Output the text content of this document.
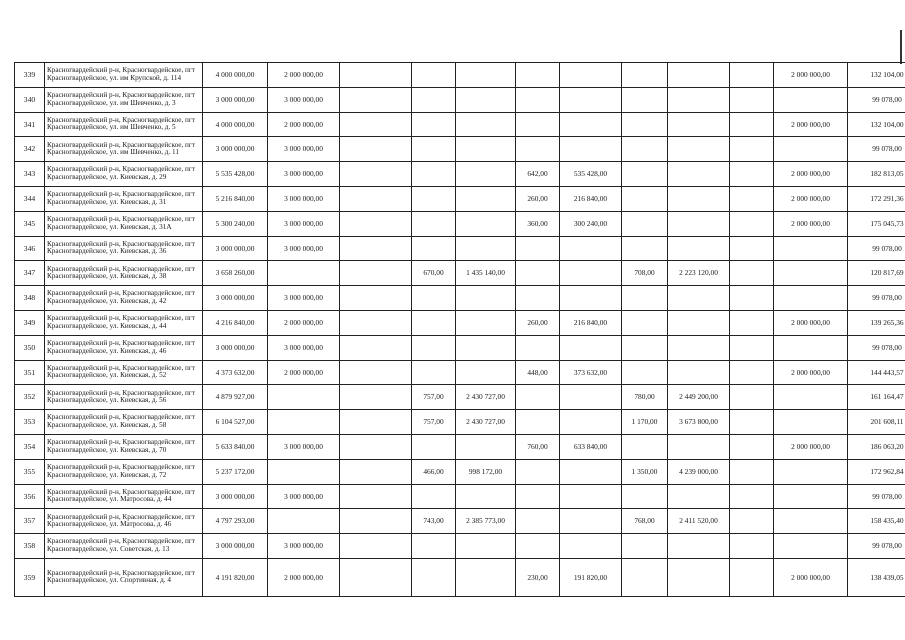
339	Красногвардейский р-н, Красногвардейское, пгт Красногвардейское, ул. им Крупской, д. 114	4 000 000,00	2 000 000,00									2 000 000,00	132 104,00
340	Красногвардейский р-н, Красногвардейское, пгт Красногвардейское, ул. им Шевченко, д. 3	3 000 000,00	3 000 000,00										99 078,00
341	Красногвардейский р-н, Красногвардейское, пгт Красногвардейское, ул. им Шевченко, д. 5	4 000 000,00	2 000 000,00									2 000 000,00	132 104,00
342	Красногвардейский р-н, Красногвардейское, пгт Красногвардейское, ул. им Шевченко, д. 11	3 000 000,00	3 000 000,00										99 078,00
343	Красногвардейский р-н, Красногвардейское, пгт Красногвардейское, ул. Киевская, д. 29	5 535 428,00	3 000 000,00				642,00	535 428,00				2 000 000,00	182 813,05
344	Красногвардейский р-н, Красногвардейское, пгт Красногвардейское, ул. Киевская, д. 31	5 216 840,00	3 000 000,00				260,00	216 840,00				2 000 000,00	172 291,36
345	Красногвардейский р-н, Красногвардейское, пгт Красногвардейское, ул. Киевская, д. 31А	5 300 240,00	3 000 000,00				360,00	300 240,00				2 000 000,00	175 045,73
346	Красногвардейский р-н, Красногвардейское, пгт Красногвардейское, ул. Киевская, д. 36	3 000 000,00	3 000 000,00										99 078,00
347	Красногвардейский р-н, Красногвардейское, пгт Красногвардейское, ул. Киевская, д. 38	3 658 260,00			670,00	1 435 140,00			708,00	2 223 120,00			120 817,69
348	Красногвардейский р-н, Красногвардейское, пгт Красногвардейское, ул. Киевская, д. 42	3 000 000,00	3 000 000,00										99 078,00
349	Красногвардейский р-н, Красногвардейское, пгт Красногвардейское, ул. Киевская, д. 44	4 216 840,00	2 000 000,00				260,00	216 840,00				2 000 000,00	139 265,36
350	Красногвардейский р-н, Красногвардейское, пгт Красногвардейское, ул. Киевская, д. 46	3 000 000,00	3 000 000,00										99 078,00
351	Красногвардейский р-н, Красногвардейское, пгт Красногвардейское, ул. Киевская, д. 52	4 373 632,00	2 000 000,00				448,00	373 632,00				2 000 000,00	144 443,57
352	Красногвардейский р-н, Красногвардейское, пгт Красногвардейское, ул. Киевская, д. 56	4 879 927,00			757,00	2 430 727,00			780,00	2 449 200,00			161 164,47
353	Красногвардейский р-н, Красногвардейское, пгт Красногвардейское, ул. Киевская, д. 58	6 104 527,00			757,00	2 430 727,00			1 170,00	3 673 800,00			201 608,11
354	Красногвардейский р-н, Красногвардейское, пгт Красногвардейское, ул. Киевская, д. 70	5 633 840,00	3 000 000,00				760,00	633 840,00				2 000 000,00	186 063,20
355	Красногвардейский р-н, Красногвардейское, пгт Красногвардейское, ул. Киевская, д. 72	5 237 172,00			466,00	998 172,00			1 350,00	4 239 000,00			172 962,84
356	Красногвардейский р-н, Красногвардейское, пгт Красногвардейское, ул. Матросова, д. 44	3 000 000,00	3 000 000,00										99 078,00
357	Красногвардейский р-н, Красногвардейское, пгт Красногвардейское, ул. Матросова, д. 46	4 797 293,00			743,00	2 385 773,00			768,00	2 411 520,00			158 435,40
358	Красногвардейский р-н, Красногвардейское, пгт Красногвардейское, ул. Советская, д. 13	3 000 000,00	3 000 000,00										99 078,00
359	Красногвардейский р-н, Красногвардейское, пгт Красногвардейское, ул. Спортивная, д. 4	4 191 820,00	2 000 000,00				230,00	191 820,00				2 000 000,00	138 439,05
